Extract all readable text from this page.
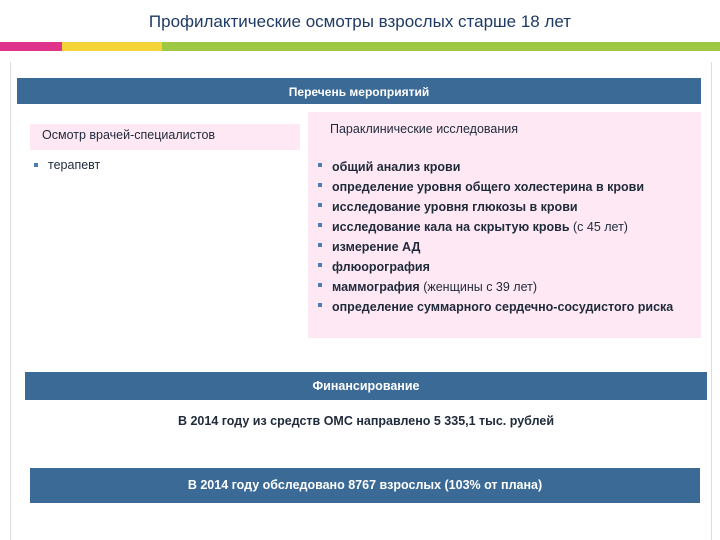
Профилактические осмотры взрослых старше 18 лет
Перечень мероприятий
Осмотр врачей-специалистов
терапевт
Параклинические исследования
общий анализ крови
определение уровня общего холестерина в крови
исследование уровня глюкозы в крови
исследование кала на скрытую кровь (с 45 лет)
измерение АД
флюорография
маммография (женщины с 39 лет)
определение суммарного сердечно-сосудистого риска
Финансирование
В 2014 году из средств ОМС направлено 5 335,1 тыс. рублей
В 2014 году обследовано 8767 взрослых (103% от плана)
